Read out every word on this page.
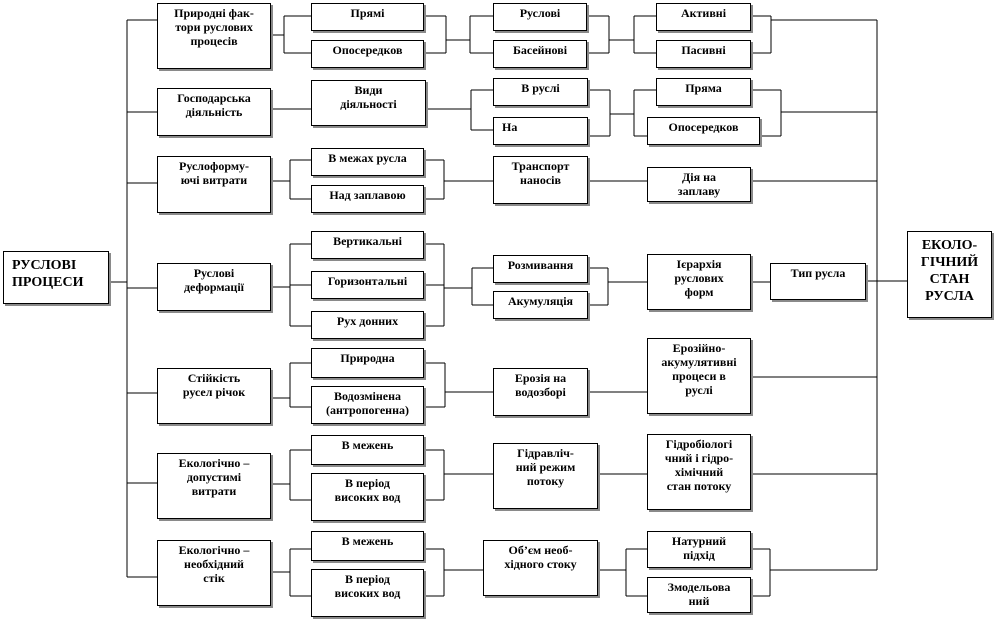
РУСЛОВІ
ПРОЦЕСИ
ЕКОЛО-
ГІЧНИЙ
СТАН
РУСЛА
Природні фак-
тори руслових
процесів
Прямі
Опосередков
Руслові
Басейнові
Активні
Пасивні
Господарська
діяльність
Види
діяльності
В руслі
На
Пряма
Опосередков
Руслоформу-
ючі витрати
В межах русла
Над заплавою
Транспорт
наносів	Дія на
заплаву
Руслові
деформації
Вертикальні
Горизонтальні
Рух донних
Розмивання
Акумуляція
Ієрархія
руслових
форм
Тип русла
Стійкість
русел річок
Природна
Водозмінена
(антропогенна)
Ерозія на
водозборі
Ерозійно-
акумулятивні
процеси в
руслі
Екологічно –
допустимі
витрати
В межень
В період
високих вод
Гідравліч-
ний режим
потоку
Гідробіологі
чний і гідро-
хімічний
стан потоку
Екологічно –
необхідний
стік
В межень
В період
високих вод
Об’єм необ-
хідного стоку
Натурний
підхід
Змодельова
ний
